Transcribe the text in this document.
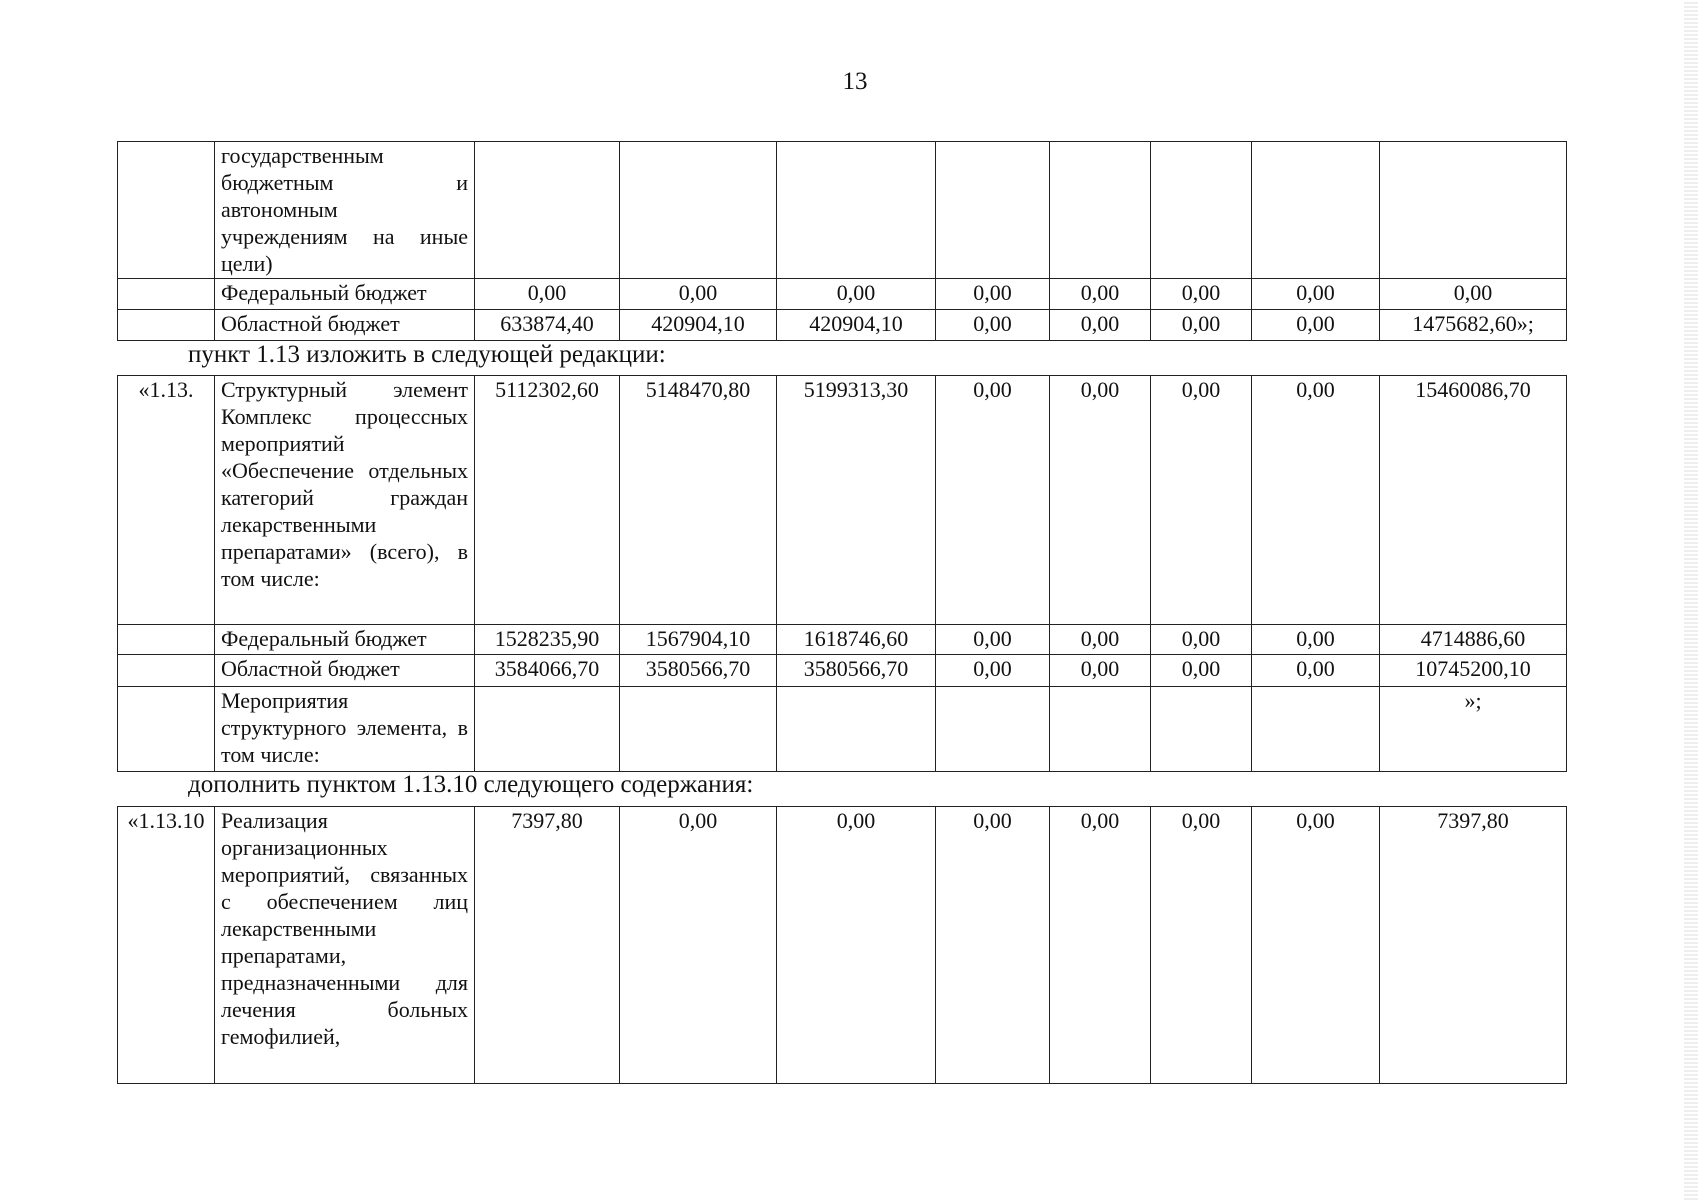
13
	государственным бюджетным и автономным учреждениям на иные цели)								
	Федеральный бюджет	0,00	0,00	0,00	0,00	0,00	0,00	0,00	0,00
	Областной бюджет	633874,40	420904,10	420904,10	0,00	0,00	0,00	0,00	1475682,60»;
пункт 1.13 изложить в следующей редакции:
«1.13.	Структурный элемент Комплекс процессных мероприятий «Обеспечение отдельных категорий граждан лекарственными препаратами» (всего), в том числе:	5112302,60	5148470,80	5199313,30	0,00	0,00	0,00	0,00	15460086,70
	Федеральный бюджет	1528235,90	1567904,10	1618746,60	0,00	0,00	0,00	0,00	4714886,60
	Областной бюджет	3584066,70	3580566,70	3580566,70	0,00	0,00	0,00	0,00	10745200,10
	Мероприятия структурного элемента, в том числе:								»;
дополнить пунктом 1.13.10 следующего содержания:
«1.13.10	Реализация организационных мероприятий, связанных с обеспечением лиц лекарственными препаратами, предназначенными для лечения больных гемофилией,	7397,80	0,00	0,00	0,00	0,00	0,00	0,00	7397,80
